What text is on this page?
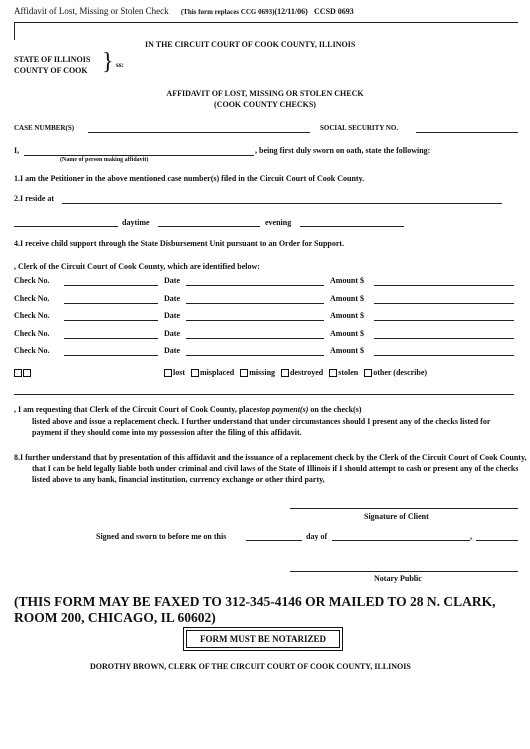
Affidavit of Lost, Missing or Stolen Check (This form replaces CCG 0693)(12/11/06) CCSD 0693
IN THE CIRCUIT COURT OF COOK COUNTY, ILLINOIS
STATE OF ILLINOIS
COUNTY OF COOK } ss:
AFFIDAVIT OF LOST, MISSING OR STOLEN CHECK
(COOK COUNTY CHECKS)
CASE NUMBER(S)	SOCIAL SECURITY NO.
I,	, being first duly sworn on oath, state the following:
(Name of person making affidavit)
1.I am the Petitioner in the above mentioned case number(s) filed in the Circuit Court of Cook County.
2.I reside at
daytime	evening
4.I receive child support through the State Disbursement Unit pursuant to an Order for Support.
, Clerk of the Circuit Court of Cook County, which are identified below:
Check No.	Date	Amount $
Check No.	Date	Amount $
Check No.	Date	Amount $
Check No.	Date	Amount $
Check No.	Date	Amount $
lost misplaced missing destroyed stolen other (describe)
, I am requesting that Clerk of the Circuit Court of Cook County, placestop payment(s) on the check(s)
listed above and issue a replacement check. I further understand that under circumstances should I present any of the checks listed for payment if they should come into my possession after the filing of this affidavit.
8.I further understand that by presentation of this affidavit and the issuance of a replacement check by the Clerk of the Circuit Court of Cook County, that I can be held legally liable both under criminal and civil laws of the State of Illinois if I should attempt to cash or present any of the checks listed above to any bank, financial institution, currency exchange or other third party,
Signature of Client
Signed and sworn to before me on this	day of	,
Notary Public
(THIS FORM MAY BE FAXED TO 312-345-4146 OR MAILED TO 28 N. CLARK, ROOM 200, CHICAGO, IL 60602)
FORM MUST BE NOTARIZED
DOROTHY BROWN, CLERK OF THE CIRCUIT COURT OF COOK COUNTY, ILLINOIS
